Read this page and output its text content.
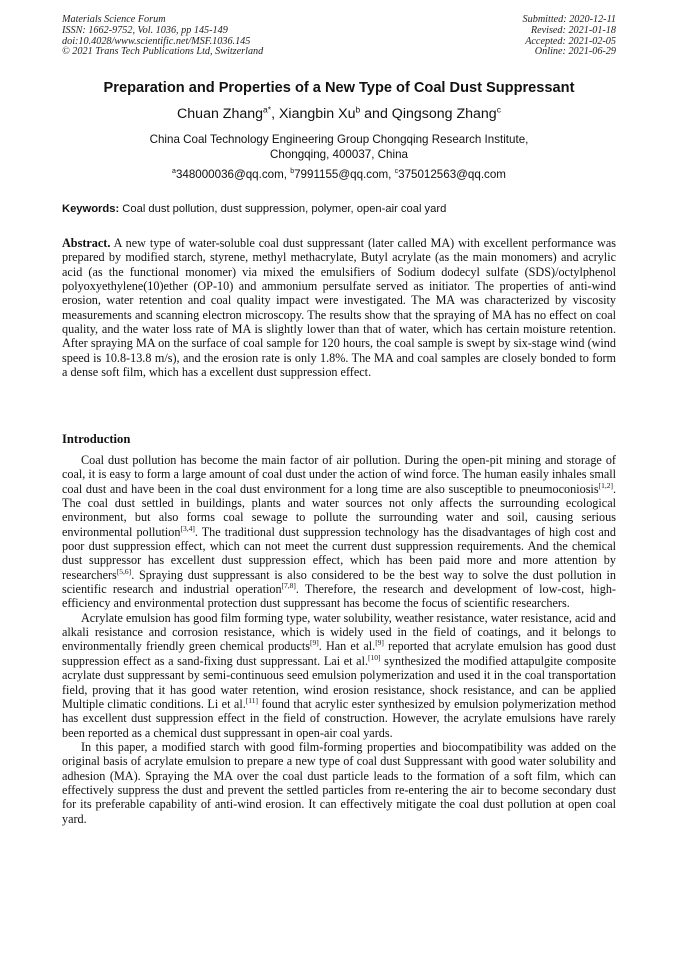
Materials Science Forum
ISSN: 1662-9752, Vol. 1036, pp 145-149
doi:10.4028/www.scientific.net/MSF.1036.145
© 2021 Trans Tech Publications Ltd, Switzerland
Submitted: 2020-12-11
Revised: 2021-01-18
Accepted: 2021-02-05
Online: 2021-06-29
Preparation and Properties of a New Type of Coal Dust Suppressant
Chuan Zhang$^{a*}$, Xiangbin Xu$^b$ and Qingsong Zhang$^c$
China Coal Technology Engineering Group Chongqing Research Institute,
Chongqing, 400037, China
$^a$348000036@qq.com, $^b$7991155@qq.com, $^c$375012563@qq.com
Keywords: Coal dust pollution, dust suppression, polymer, open-air coal yard
Abstract. A new type of water-soluble coal dust suppressant (later called MA) with excellent performance was prepared by modified starch, styrene, methyl methacrylate, Butyl acrylate (as the main monomers) and acrylic acid (as the functional monomer) via mixed the emulsifiers of Sodium dodecyl sulfate (SDS)/octylphenol polyoxyethylene(10)ether (OP-10) and ammonium persulfate served as initiator. The properties of anti-wind erosion, water retention and coal quality impact were investigated. The MA was characterized by viscosity measurements and scanning electron microscopy. The results show that the spraying of MA has no effect on coal quality, and the water loss rate of MA is slightly lower than that of water, which has certain moisture retention. After spraying MA on the surface of coal sample for 120 hours, the coal sample is swept by six-stage wind (wind speed is 10.8-13.8 m/s), and the erosion rate is only 1.8%. The MA and coal samples are closely bonded to form a dense soft film, which has a excellent dust suppression effect.
Introduction

Coal dust pollution has become the main factor of air pollution. During the open-pit mining and storage of coal, it is easy to form a large amount of coal dust under the action of wind force. The human easily inhales small coal dust and have been in the coal dust environment for a long time are also susceptible to pneumoconiosis[1,2]. The coal dust settled in buildings, plants and water sources not only affects the surrounding ecological environment, but also forms coal sewage to pollute the surrounding water and soil, causing serious environmental pollution[3,4]. The traditional dust suppression technology has the disadvantages of high cost and poor dust suppression effect, which can not meet the current dust suppression requirements. And the chemical dust suppressor has excellent dust suppression effect, which has been paid more and more attention by researchers[5,6]. Spraying dust suppressant is also considered to be the best way to solve the dust pollution in scientific research and industrial operation[7,8]. Therefore, the research and development of low-cost, high-efficiency and environmental protection dust suppressant has become the focus of scientific researchers.

Acrylate emulsion has good film forming type, water solubility, weather resistance, water resistance, acid and alkali resistance and corrosion resistance, which is widely used in the field of coatings, and it belongs to environmentally friendly green chemical products[9]. Han et al.[9] reported that acrylate emulsion has good dust suppression effect as a sand-fixing dust suppressant. Lai et al.[10] synthesized the modified attapulgite composite acrylate dust suppressant by semi-continuous seed emulsion polymerization and used it in the coal transportation field, proving that it has good water retention, wind erosion resistance, shock resistance, and can be applied Multiple climatic conditions. Li et al.[11] found that acrylic ester synthesized by emulsion polymerization method has excellent dust suppression effect in the field of construction. However, the acrylate emulsions have rarely been reported as a chemical dust suppressant in open-air coal yards.

In this paper, a modified starch with good film-forming properties and biocompatibility was added on the original basis of acrylate emulsion to prepare a new type of coal dust Suppressant with good water solubility and adhesion (MA). Spraying the MA over the coal dust particle leads to the formation of a soft film, which can effectively suppress the dust and prevent the settled particles from re-entering the air to become secondary dust for its preferable capability of anti-wind erosion. It can effectively mitigate the coal dust pollution at open coal yard.
